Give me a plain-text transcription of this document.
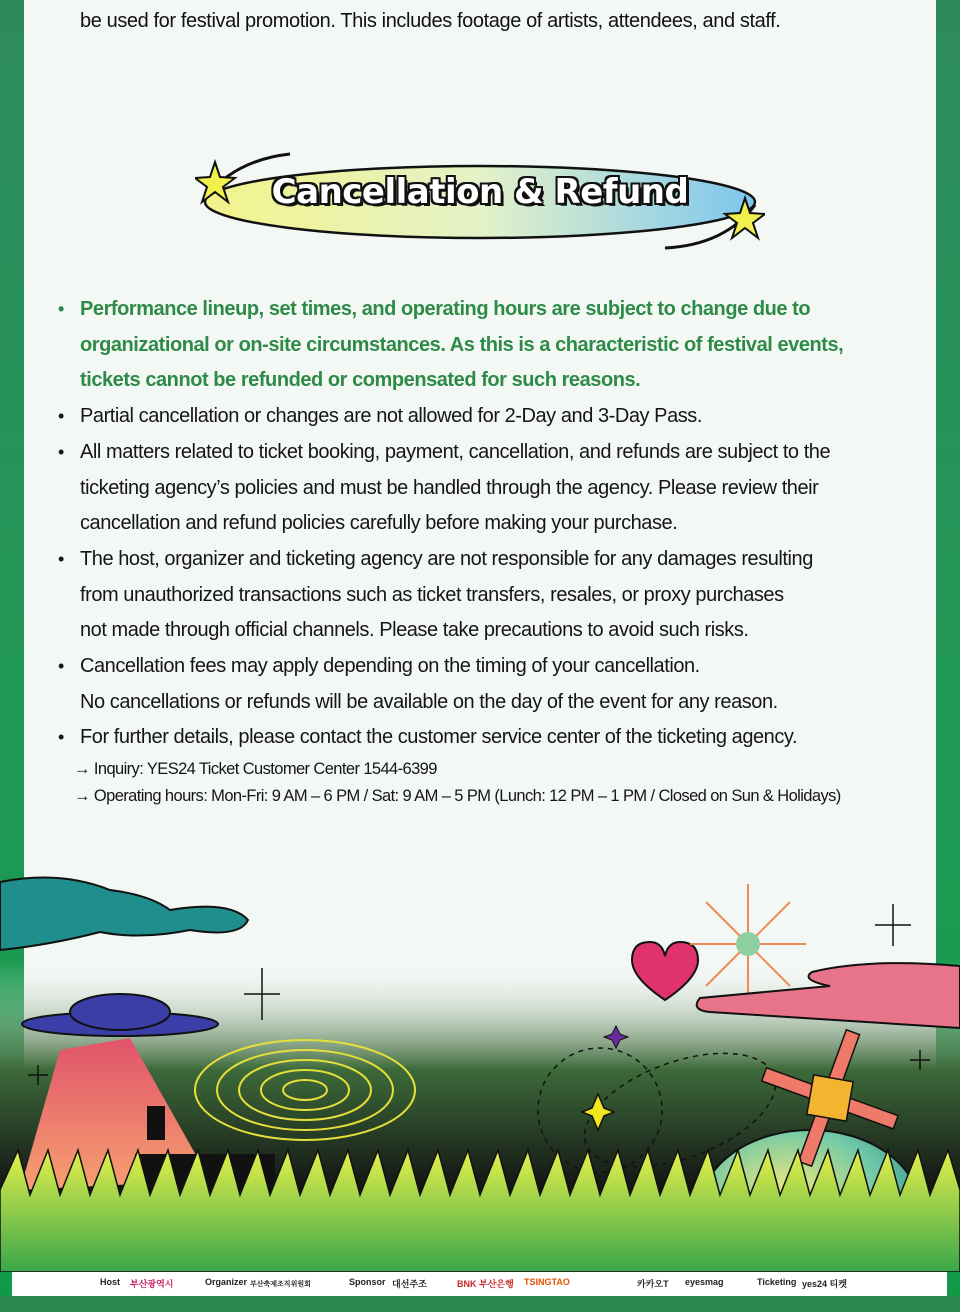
be used for festival promotion. This includes footage of artists, attendees, and staff.
Cancellation & Refund
• Performance lineup, set times, and operating hours are subject to change due to
organizational or on-site circumstances. As this is a characteristic of festival events,
tickets cannot be refunded or compensated for such reasons.
• Partial cancellation or changes are not allowed for 2-Day and 3-Day Pass.
• All matters related to ticket booking, payment, cancellation, and refunds are subject to the
ticketing agency’s policies and must be handled through the agency. Please review their
cancellation and refund policies carefully before making your purchase.
• The host, organizer and ticketing agency are not responsible for any damages resulting
from unauthorized transactions such as ticket transfers, resales, or proxy purchases
not made through official channels. Please take precautions to avoid such risks.
• Cancellation fees may apply depending on the timing of your cancellation.
No cancellations or refunds will be available on the day of the event for any reason.
• For further details, please contact the customer service center of the ticketing agency.
→ Inquiry: YES24 Ticket Customer Center 1544-6399
→ Operating hours: Mon-Fri: 9 AM – 6 PM / Sat: 9 AM – 5 PM (Lunch: 12 PM – 1 PM / Closed on Sun & Holidays)
Host 부산광역시	Organizer 부산축제조직위원회	Sponsor 대선주조	BNK 부산은행 TSINGTAO	카카오T eyesmag	Ticketing yes24 티켓
